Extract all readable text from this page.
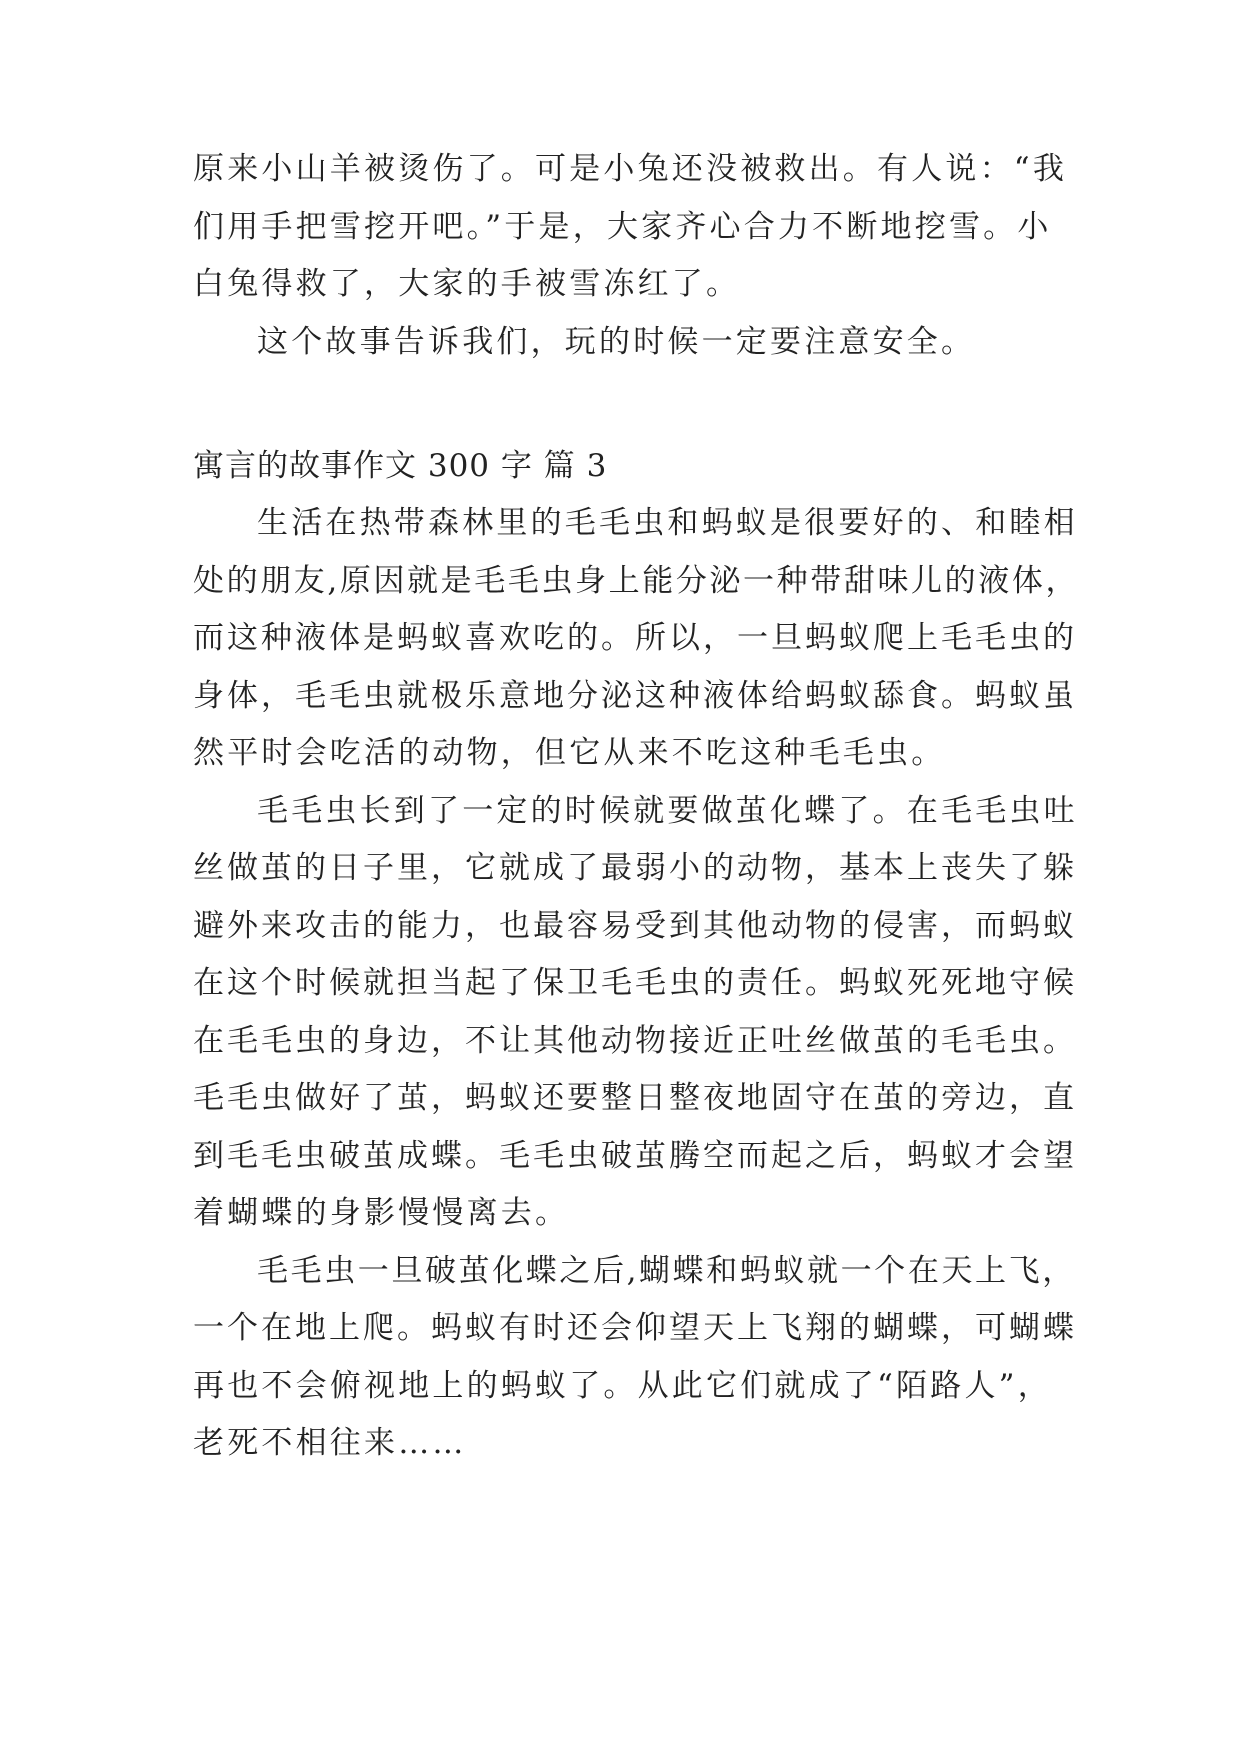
原来小山羊被烫伤了。可是小兔还没被救出。有人说：“我

们用手把雪挖开吧。”于是，大家齐心合力不断地挖雪。小

白兔得救了，大家的手被雪冻红了。

这个故事告诉我们，玩的时候一定要注意安全。

寓言的故事作文 300 字 篇 3

生活在热带森林里的毛毛虫和蚂蚁是很要好的、和睦相

处的朋友,原因就是毛毛虫身上能分泌一种带甜味儿的液体，

而这种液体是蚂蚁喜欢吃的。所以，一旦蚂蚁爬上毛毛虫的

身体，毛毛虫就极乐意地分泌这种液体给蚂蚁舔食。蚂蚁虽

然平时会吃活的动物，但它从来不吃这种毛毛虫。

毛毛虫长到了一定的时候就要做茧化蝶了。在毛毛虫吐

丝做茧的日子里，它就成了最弱小的动物，基本上丧失了躲

避外来攻击的能力，也最容易受到其他动物的侵害，而蚂蚁

在这个时候就担当起了保卫毛毛虫的责任。蚂蚁死死地守候

在毛毛虫的身边，不让其他动物接近正吐丝做茧的毛毛虫。

毛毛虫做好了茧，蚂蚁还要整日整夜地固守在茧的旁边，直

到毛毛虫破茧成蝶。毛毛虫破茧腾空而起之后，蚂蚁才会望

着蝴蝶的身影慢慢离去。

毛毛虫一旦破茧化蝶之后,蝴蝶和蚂蚁就一个在天上飞，

一个在地上爬。蚂蚁有时还会仰望天上飞翔的蝴蝶，可蝴蝶

再也不会俯视地上的蚂蚁了。从此它们就成了“陌路人”，

老死不相往来……
